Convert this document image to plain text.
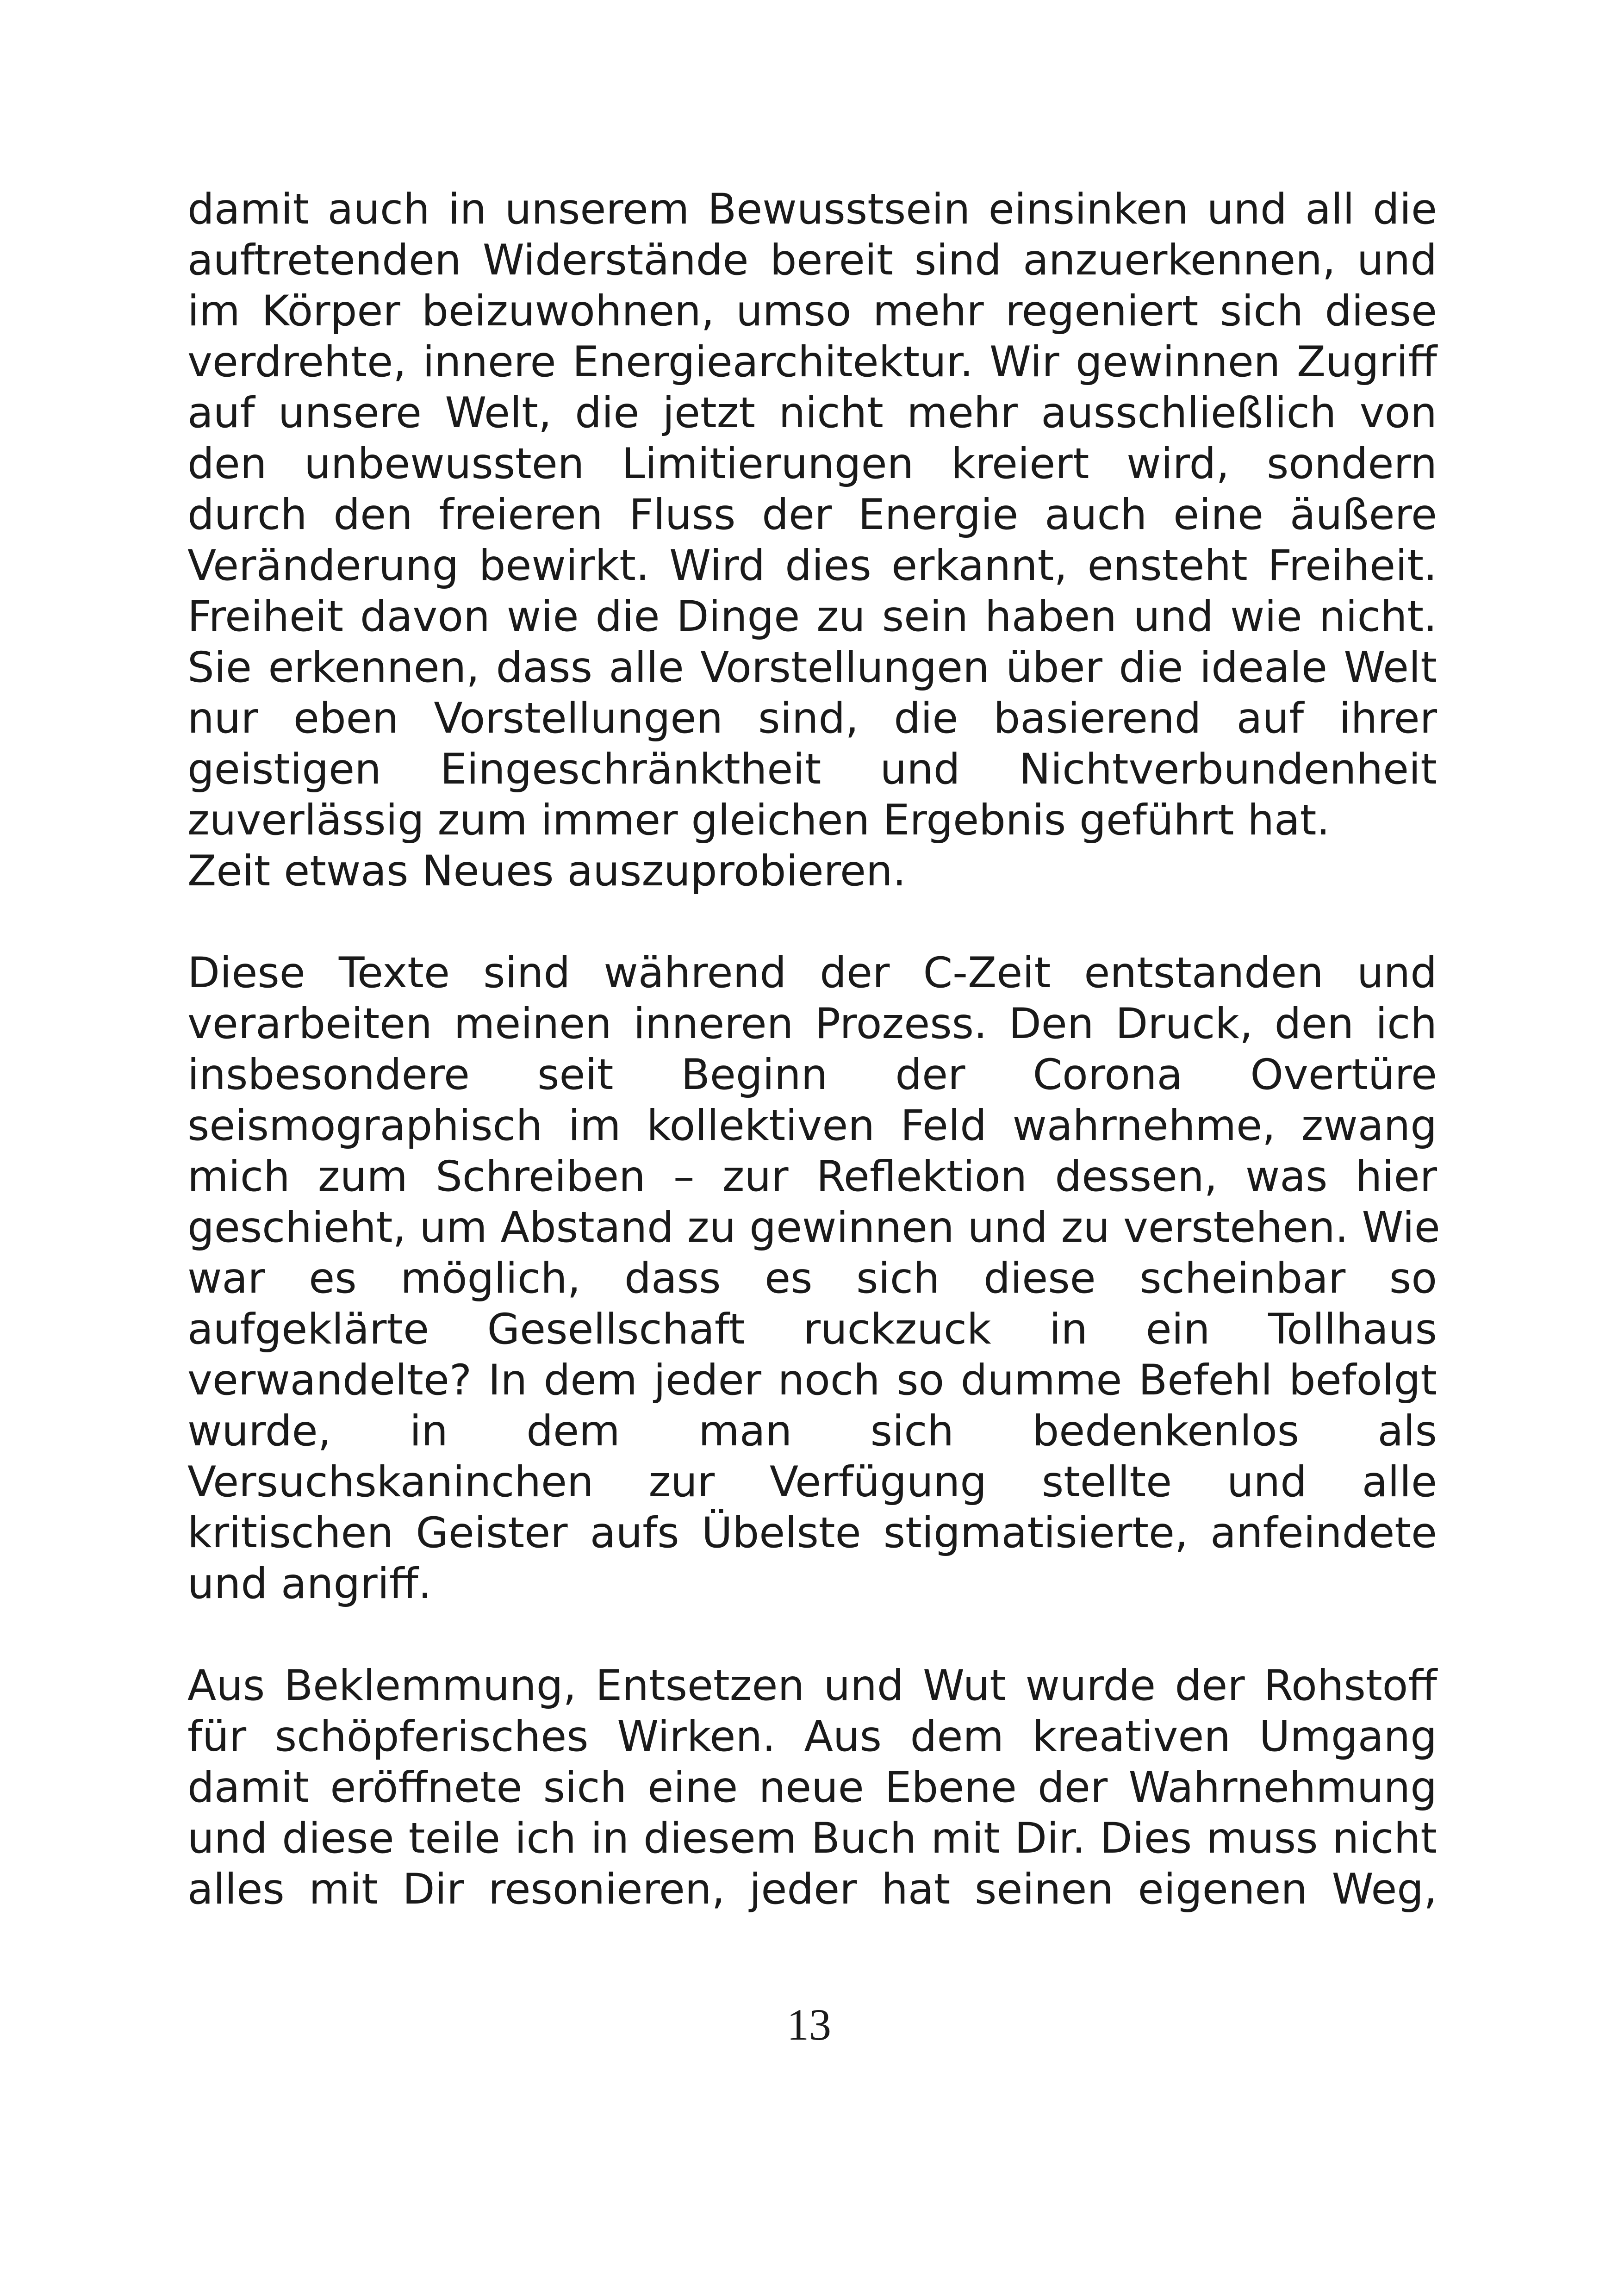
damit auch in unserem Bewusstsein einsinken und all die
auftretenden Widerstände bereit sind anzuerkennen, und
im Körper beizuwohnen, umso mehr regeniert sich diese
verdrehte, innere Energiearchitektur. Wir gewinnen Zugriff
auf unsere Welt, die jetzt nicht mehr ausschließlich von
den unbewussten Limitierungen kreiert wird, sondern
durch den freieren Fluss der Energie auch eine äußere
Veränderung bewirkt. Wird dies erkannt, ensteht Freiheit.
Freiheit davon wie die Dinge zu sein haben und wie nicht.
Sie erkennen, dass alle Vorstellungen über die ideale Welt
nur eben Vorstellungen sind, die basierend auf ihrer
geistigen Eingeschränktheit und Nichtverbundenheit
zuverlässig zum immer gleichen Ergebnis geführt hat.
Zeit etwas Neues auszuprobieren.

Diese Texte sind während der C-Zeit entstanden und
verarbeiten meinen inneren Prozess. Den Druck, den ich
insbesondere seit Beginn der Corona Overtüre
seismographisch im kollektiven Feld wahrnehme, zwang
mich zum Schreiben – zur Reflektion dessen, was hier
geschieht, um Abstand zu gewinnen und zu verstehen. Wie
war es möglich, dass es sich diese scheinbar so
aufgeklärte Gesellschaft ruckzuck in ein Tollhaus
verwandelte? In dem jeder noch so dumme Befehl befolgt
wurde, in dem man sich bedenkenlos als
Versuchskaninchen zur Verfügung stellte und alle
kritischen Geister aufs Übelste stigmatisierte, anfeindete
und angriff.

Aus Beklemmung, Entsetzen und Wut wurde der Rohstoff
für schöpferisches Wirken. Aus dem kreativen Umgang
damit eröffnete sich eine neue Ebene der Wahrnehmung
und diese teile ich in diesem Buch mit Dir. Dies muss nicht
alles mit Dir resonieren, jeder hat seinen eigenen Weg,

13
